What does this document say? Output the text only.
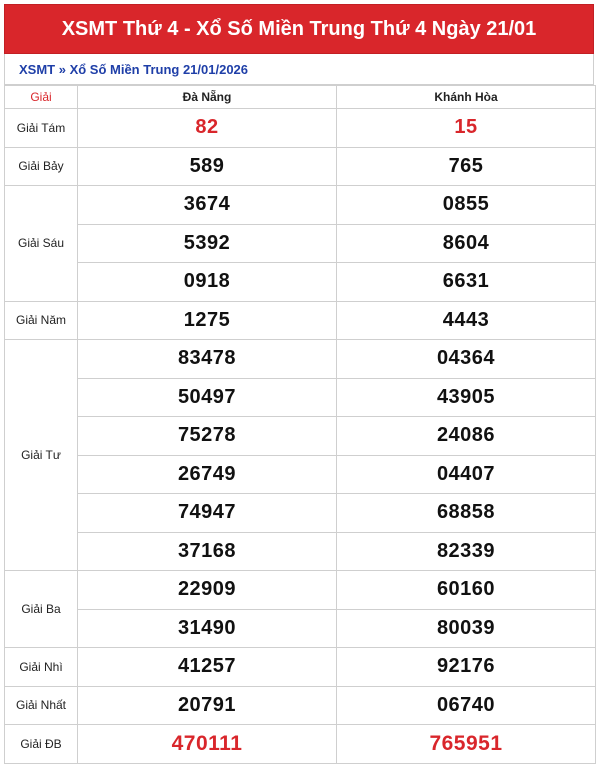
XSMT Thứ 4 - Xổ Số Miền Trung Thứ 4 Ngày 21/01
XSMT » Xổ Số Miền Trung 21/01/2026
Giải	Đà Nẵng	Khánh Hòa
Giải Tám	82	15
Giải Bảy	589	765
Giải Sáu	3674	0855
	5392	8604
	0918	6631
Giải Năm	1275	4443
Giải Tư	83478	04364
	50497	43905
	75278	24086
	26749	04407
	74947	68858
	37168	82339
Giải Ba	22909	60160
	31490	80039
Giải Nhì	41257	92176
Giải Nhất	20791	06740
Giải ĐB	470111	765951
